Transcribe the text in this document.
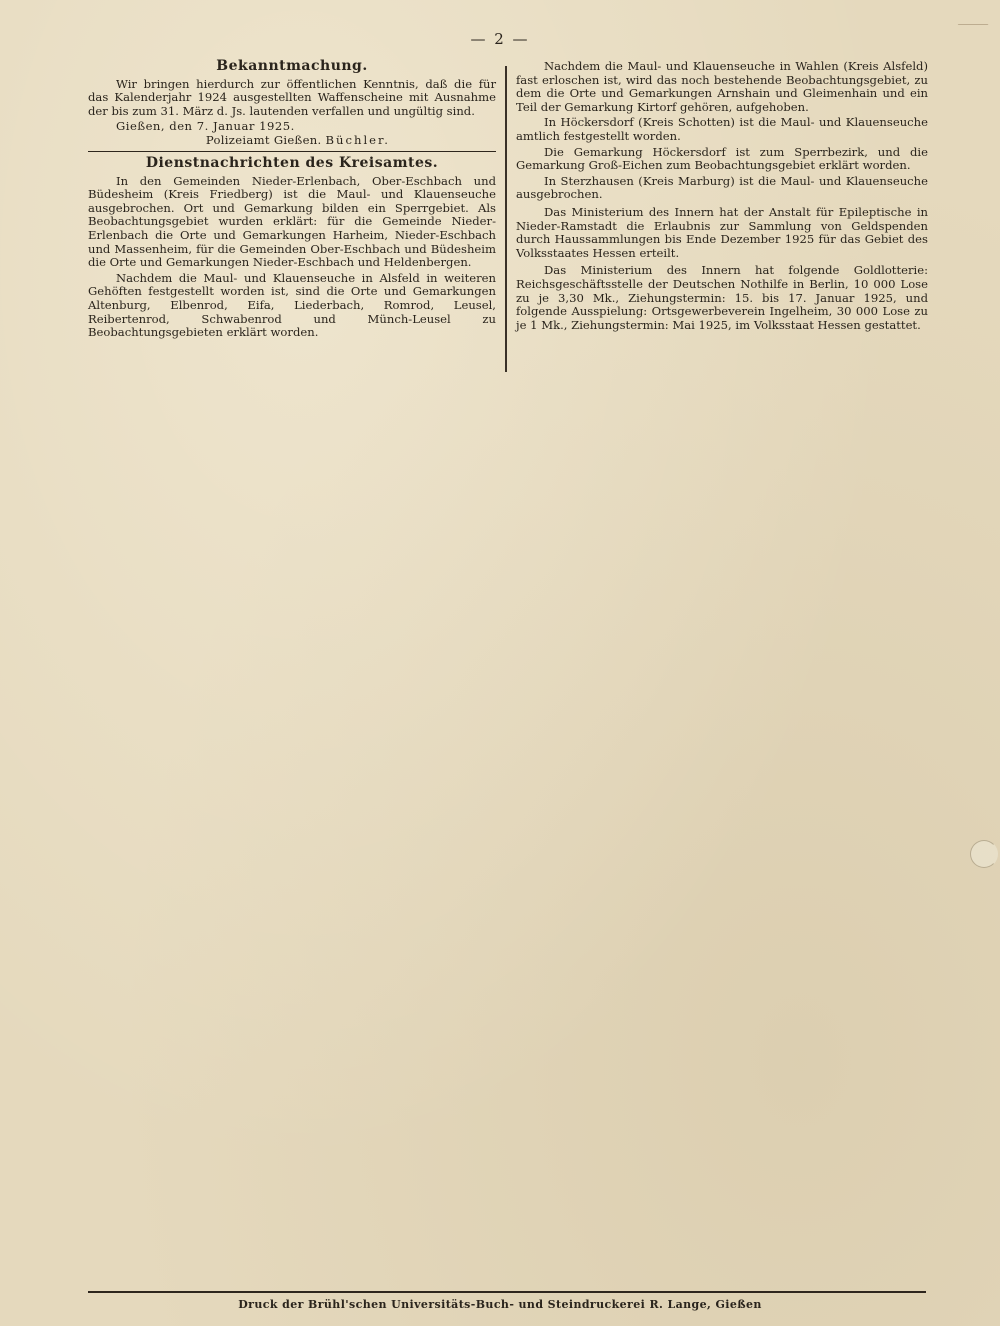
— 2 —
Bekanntmachung.

Wir bringen hierdurch zur öffentlichen Kenntnis, daß die für das Kalenderjahr 1924 ausgestellten Waffenscheine mit Ausnahme der bis zum 31. März d. Js. lautenden verfallen und ungültig sind.

Gießen, den 7. Januar 1925.

Polizeiamt Gießen. Büchler.

Dienstnachrichten des Kreisamtes.

In den Gemeinden Nieder-Erlenbach, Ober-Eschbach und Büdesheim (Kreis Friedberg) ist die Maul- und Klauenseuche ausgebrochen. Ort und Gemarkung bilden ein Sperrgebiet. Als Beobachtungsgebiet wurden erklärt: für die Gemeinde Nieder-Erlenbach die Orte und Gemarkungen Harheim, Nieder-Eschbach und Massenheim, für die Gemeinden Ober-Eschbach und Büdesheim die Orte und Gemarkungen Nieder-Eschbach und Heldenbergen.

Nachdem die Maul- und Klauenseuche in Alsfeld in weiteren Gehöften festgestellt worden ist, sind die Orte und Gemarkungen Altenburg, Elbenrod, Eifa, Liederbach, Romrod, Leusel, Reibertenrod, Schwabenrod und Münch-Leusel zu Beobachtungsgebieten erklärt worden.

Nachdem die Maul- und Klauenseuche in Wahlen (Kreis Alsfeld) fast erloschen ist, wird das noch bestehende Beobachtungsgebiet, zu dem die Orte und Gemarkungen Arnshain und Gleimenhain und ein Teil der Gemarkung Kirtorf gehören, aufgehoben.

In Höckersdorf (Kreis Schotten) ist die Maul- und Klauenseuche amtlich festgestellt worden.

Die Gemarkung Höckersdorf ist zum Sperrbezirk, und die Gemarkung Groß-Eichen zum Beobachtungsgebiet erklärt worden.

In Sterzhausen (Kreis Marburg) ist die Maul- und Klauenseuche ausgebrochen.

Das Ministerium des Innern hat der Anstalt für Epileptische in Nieder-Ramstadt die Erlaubnis zur Sammlung von Geldspenden durch Haussammlungen bis Ende Dezember 1925 für das Gebiet des Volksstaates Hessen erteilt.

Das Ministerium des Innern hat folgende Goldlotterie: Reichsgeschäftsstelle der Deutschen Nothilfe in Berlin, 10 000 Lose zu je 3,30 Mk., Ziehungstermin: 15. bis 17. Januar 1925, und folgende Ausspielung: Ortsgewerbeverein Ingelheim, 30 000 Lose zu je 1 Mk., Ziehungstermin: Mai 1925, im Volksstaat Hessen gestattet.

Druck der Brühl'schen Universitäts-Buch- und Steindruckerei R. Lange, Gießen
